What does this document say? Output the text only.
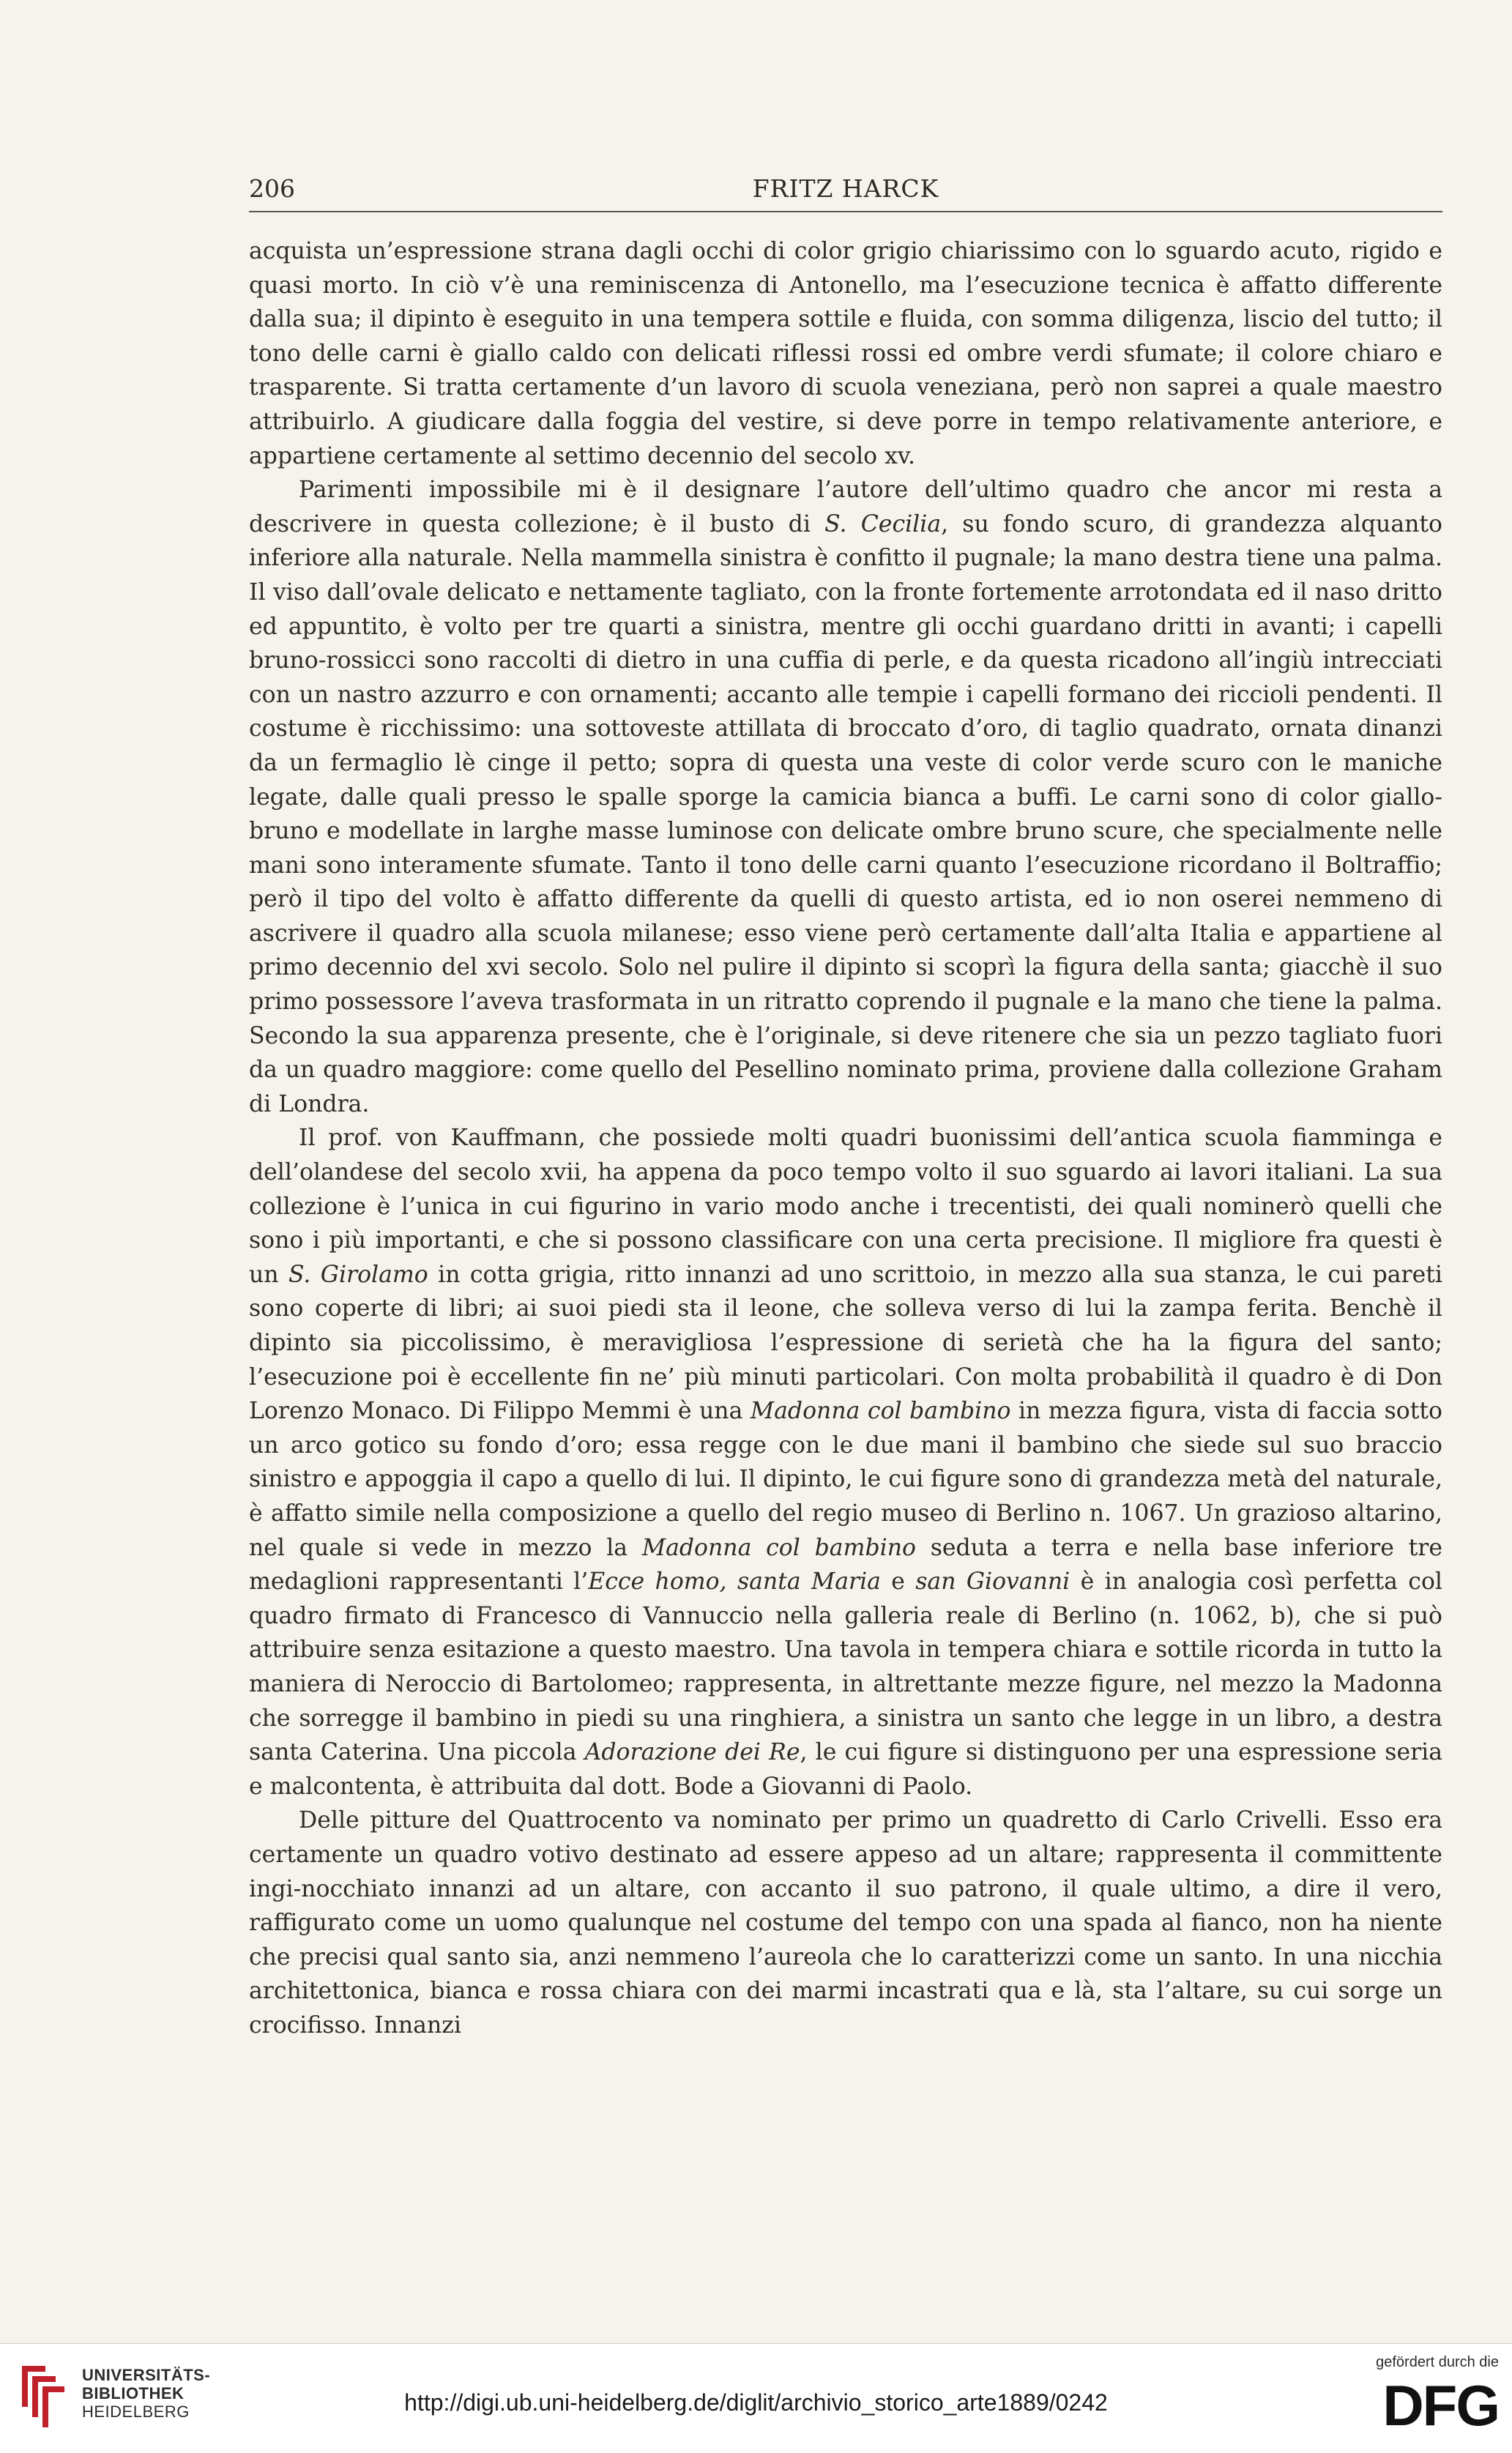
206	FRITZ HARCK

acquista un’espressione strana dagli occhi di color grigio chiarissimo con lo sguardo acuto, rigido e quasi morto. In ciò v’è una reminiscenza di Antonello, ma l’esecuzione tecnica è affatto differente dalla sua; il dipinto è eseguito in una tempera sottile e fluida, con somma diligenza, liscio del tutto; il tono delle carni è giallo caldo con delicati riflessi rossi ed ombre verdi sfumate; il colore chiaro e trasparente. Si tratta certamente d’un lavoro di scuola veneziana, però non saprei a quale maestro attribuirlo. A giudicare dalla foggia del vestire, si deve porre in tempo relativamente anteriore, e appartiene certamente al settimo decennio del secolo xv.

Parimenti impossibile mi è il designare l’autore dell’ultimo quadro che ancor mi resta a descrivere in questa collezione; è il busto di S. Cecilia, su fondo scuro, di grandezza alquanto inferiore alla naturale. Nella mammella sinistra è confitto il pugnale; la mano destra tiene una palma. Il viso dall’ovale delicato e nettamente tagliato, con la fronte fortemente arrotondata ed il naso dritto ed appuntito, è volto per tre quarti a sinistra, mentre gli occhi guardano dritti in avanti; i capelli bruno-rossicci sono raccolti di dietro in una cuffia di perle, e da questa ricadono all’ingiù intrecciati con un nastro azzurro e con ornamenti; accanto alle tempie i capelli formano dei riccioli pendenti. Il costume è ricchissimo: una sottoveste attillata di broccato d’oro, di taglio quadrato, ornata dinanzi da un fermaglio lè cinge il petto; sopra di questa una veste di color verde scuro con le maniche legate, dalle quali presso le spalle sporge la camicia bianca a buffi. Le carni sono di color giallo-bruno e modellate in larghe masse luminose con delicate ombre bruno scure, che specialmente nelle mani sono interamente sfumate. Tanto il tono delle carni quanto l’esecuzione ricordano il Boltraffio; però il tipo del volto è affatto differente da quelli di questo artista, ed io non oserei nemmeno di ascrivere il quadro alla scuola milanese; esso viene però certamente dall’alta Italia e appartiene al primo decennio del xvi secolo. Solo nel pulire il dipinto si scoprì la figura della santa; giacchè il suo primo possessore l’aveva trasformata in un ritratto coprendo il pugnale e la mano che tiene la palma. Secondo la sua apparenza presente, che è l’originale, si deve ritenere che sia un pezzo tagliato fuori da un quadro maggiore: come quello del Pesellino nominato prima, proviene dalla collezione Graham di Londra.

Il prof. von Kauffmann, che possiede molti quadri buonissimi dell’antica scuola fiamminga e dell’olandese del secolo xvii, ha appena da poco tempo volto il suo sguardo ai lavori italiani. La sua collezione è l’unica in cui figurino in vario modo anche i trecentisti, dei quali nominerò quelli che sono i più importanti, e che si possono classificare con una certa precisione. Il migliore fra questi è un S. Girolamo in cotta grigia, ritto innanzi ad uno scrittoio, in mezzo alla sua stanza, le cui pareti sono coperte di libri; ai suoi piedi sta il leone, che solleva verso di lui la zampa ferita. Benchè il dipinto sia piccolissimo, è meravigliosa l’espressione di serietà che ha la figura del santo; l’esecuzione poi è eccellente fin ne’ più minuti particolari. Con molta probabilità il quadro è di Don Lorenzo Monaco. Di Filippo Memmi è una Madonna col bambino in mezza figura, vista di faccia sotto un arco gotico su fondo d’oro; essa regge con le due mani il bambino che siede sul suo braccio sinistro e appoggia il capo a quello di lui. Il dipinto, le cui figure sono di grandezza metà del naturale, è affatto simile nella composizione a quello del regio museo di Berlino n. 1067. Un grazioso altarino, nel quale si vede in mezzo la Madonna col bambino seduta a terra e nella base inferiore tre medaglioni rappresentanti l’Ecce homo, santa Maria e san Giovanni è in analogia così perfetta col quadro firmato di Francesco di Vannuccio nella galleria reale di Berlino (n. 1062, b), che si può attribuire senza esitazione a questo maestro. Una tavola in tempera chiara e sottile ricorda in tutto la maniera di Neroccio di Bartolomeo; rappresenta, in altrettante mezze figure, nel mezzo la Madonna che sorregge il bambino in piedi su una ringhiera, a sinistra un santo che legge in un libro, a destra santa Caterina. Una piccola Adorazione dei Re, le cui figure si distinguono per una espressione seria e malcontenta, è attribuita dal dott. Bode a Giovanni di Paolo.

Delle pitture del Quattrocento va nominato per primo un quadretto di Carlo Crivelli. Esso era certamente un quadro votivo destinato ad essere appeso ad un altare; rappresenta il committente ingi-nocchiato innanzi ad un altare, con accanto il suo patrono, il quale ultimo, a dire il vero, raffigurato come un uomo qualunque nel costume del tempo con una spada al fianco, non ha niente che precisi qual santo sia, anzi nemmeno l’aureola che lo caratterizzi come un santo. In una nicchia architettonica, bianca e rossa chiara con dei marmi incastrati qua e là, sta l’altare, su cui sorge un crocifisso. Innanzi

UNIVERSITÄTS-
BIBLIOTHEK
HEIDELBERG	http://digi.ub.uni-heidelberg.de/diglit/archivio_storico_arte1889/0242
gefördert durch die
DFG
